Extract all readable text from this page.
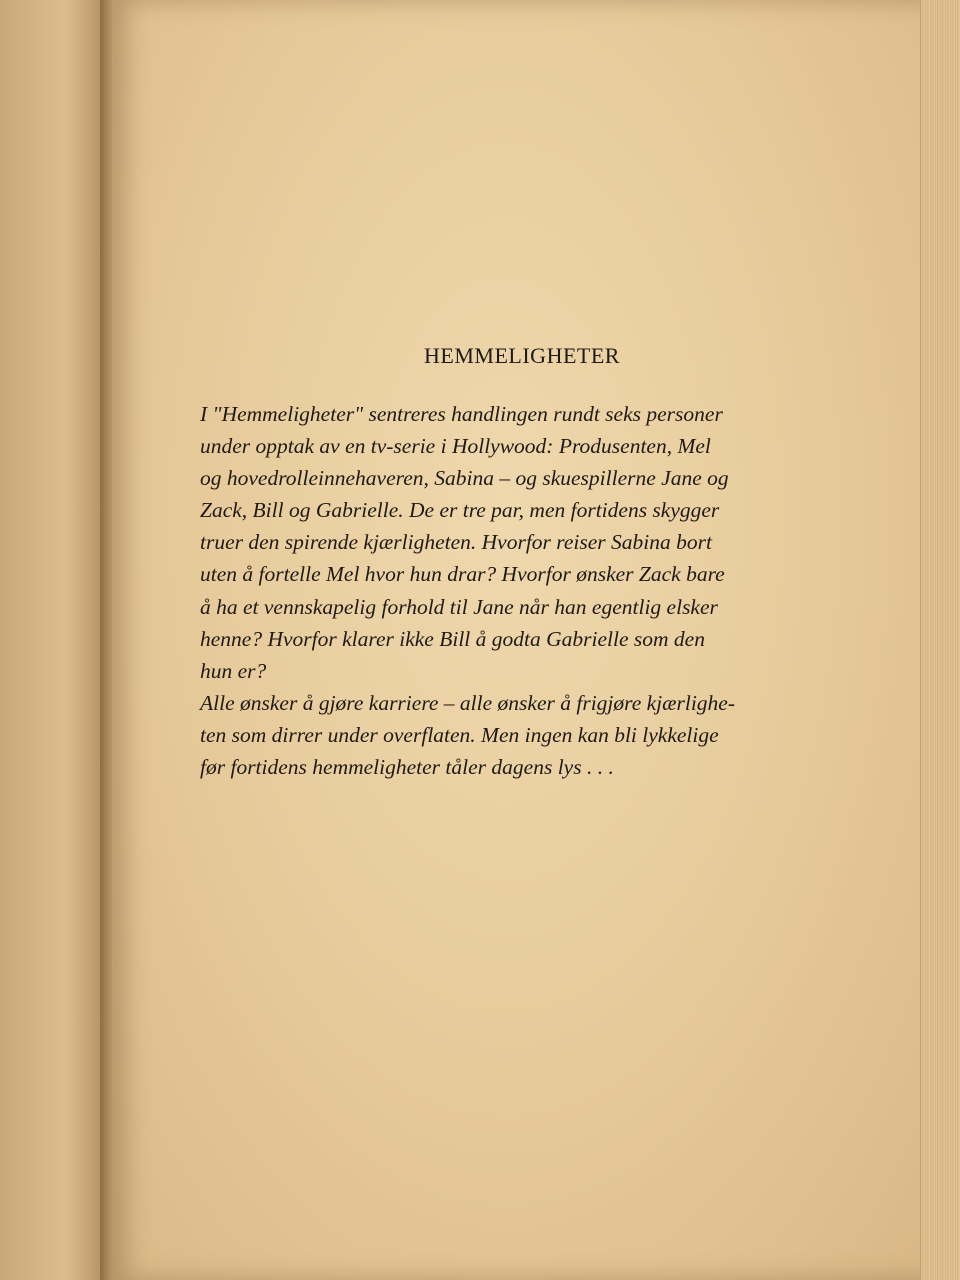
HEMMELIGHETER

I "Hemmeligheter" sentreres handlingen rundt seks personer
under opptak av en tv-serie i Hollywood: Produsenten, Mel
og hovedrolleinnehaveren, Sabina – og skuespillerne Jane og
Zack, Bill og Gabrielle. De er tre par, men fortidens skygger
truer den spirende kjærligheten. Hvorfor reiser Sabina bort
uten å fortelle Mel hvor hun drar? Hvorfor ønsker Zack bare
å ha et vennskapelig forhold til Jane når han egentlig elsker
henne? Hvorfor klarer ikke Bill å godta Gabrielle som den
hun er?

Alle ønsker å gjøre karriere – alle ønsker å frigjøre kjærlighe-
ten som dirrer under overflaten. Men ingen kan bli lykkelige
før fortidens hemmeligheter tåler dagens lys . . .
